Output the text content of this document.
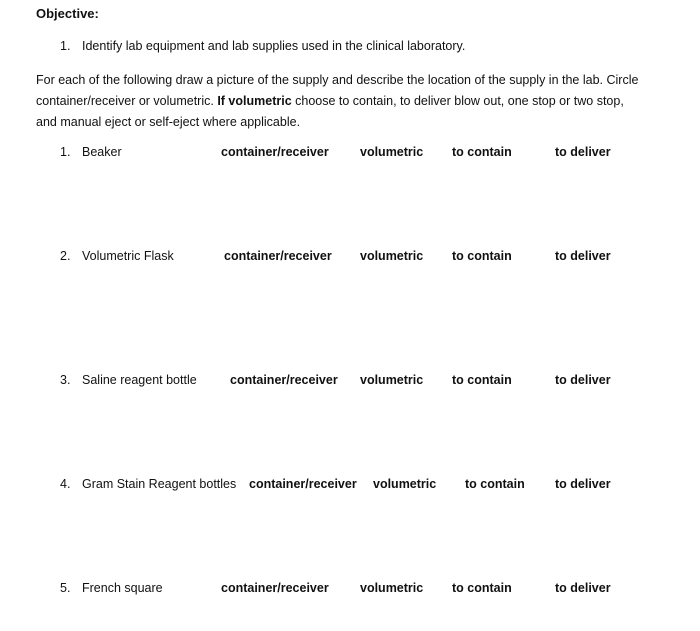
Objective:
1. Identify lab equipment and lab supplies used in the clinical laboratory.
For each of the following draw a picture of the supply and describe the location of the supply in the lab. Circle container/receiver or volumetric. If volumetric choose to contain, to deliver blow out, one stop or two stop, and manual eject or self-eject where applicable.
1. Beaker	container/receiver	volumetric to contain	to deliver
2. Volumetric Flask	container/receiver volumetric to contain	to deliver
3. Saline reagent bottle	container/receiver volumetric to contain	to deliver
4. Gram Stain Reagent bottles container/receiver volumetric to contain to deliver
5. French square	container/receiver	volumetric to contain	to deliver
